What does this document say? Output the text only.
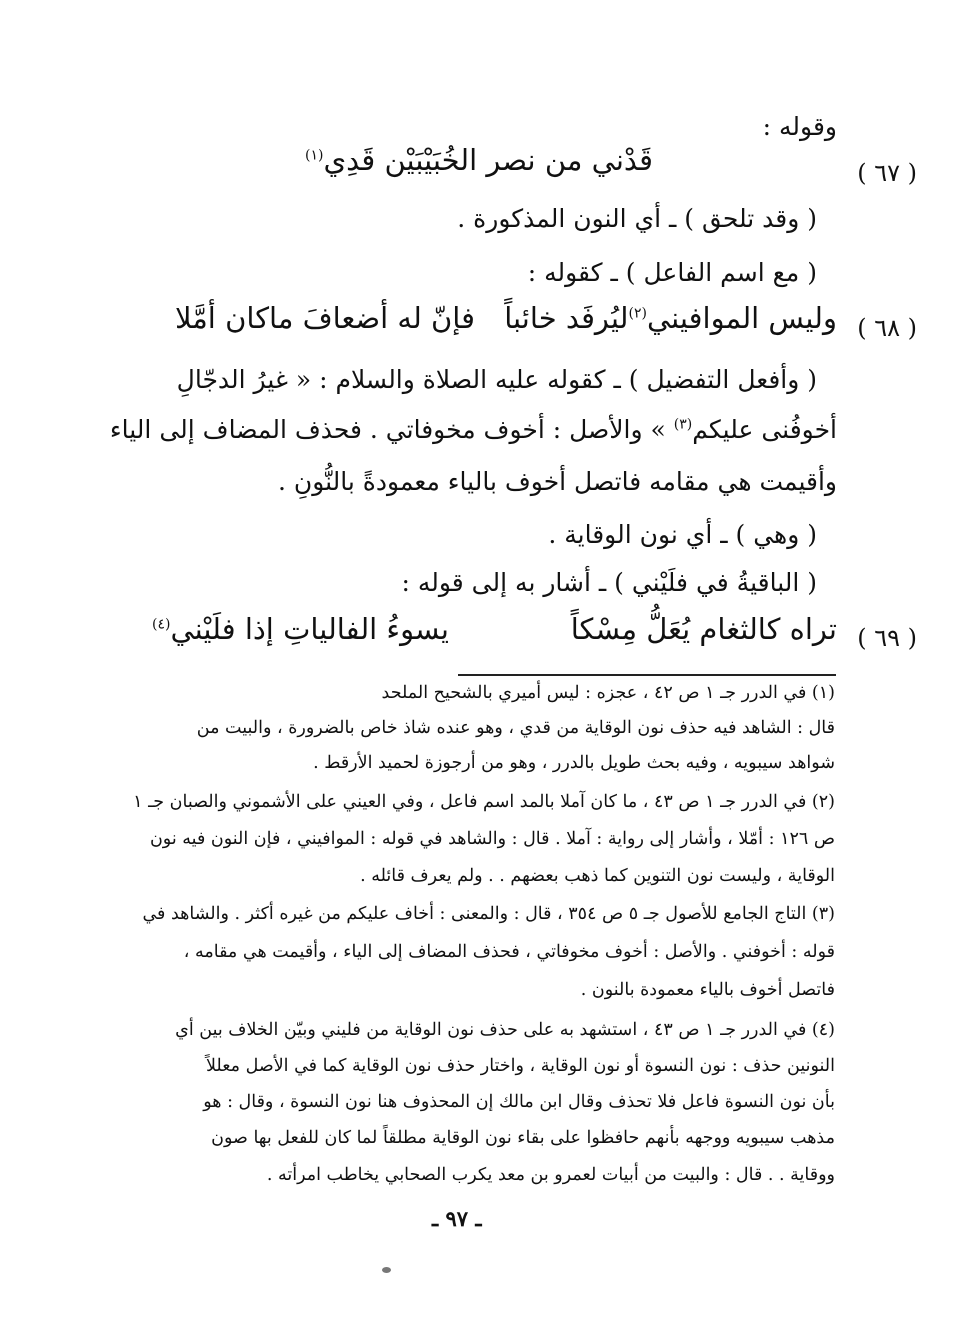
وقوله :
( ٦٧ )
قَدْني من نصر الخُبَيْبَيْن قَدِي$^{(١)}$
( وقد تلحق ) ـ أي النون المذكورة .
( مع اسم الفاعل ) ـ كقوله :
( ٦٨ )
وليس الموافيني$^{(٢)}$ليُرفَد خائباً
فإنّ له أضعافَ ماكان أمَّلا
( وأفعل التفضيل ) ـ كقوله عليه الصلاة والسلام : « غيرُ الدجّالِ
أخوفُنى عليكم$^{(٣)}$ » والأصل : أخوف مخوفاتي . فحذف المضاف إلى الياء
وأقيمت هي مقامه فاتصل أخوف بالياء معمودةً بالنُّونِ .
( وهي ) ـ أي نون الوقاية .
( الباقيةُ في فلَيْني ) ـ أشار به إلى قوله :
( ٦٩ )
تراه كالثغام يُعَلُّ مِسْكاً
يسوءُ الفالياتِ إذا فلَيْني$^{(٤)}$
(١) في الدرر جـ ١ ص ٤٢ ، عجزه : ليس أميري بالشحيح الملحد
قال : الشاهد فيه حذف نون الوقاية من قدي ، وهو عنده شاذ خاص بالضرورة ، والبيت من
شواهد سيبويه ، وفيه بحث طويل بالدرر ، وهو من أرجوزة لحميد الأرقط .
(٢) في الدرر جـ ١ ص ٤٣ ، ما كان آملا بالمد اسم فاعل ، وفي العيني على الأشموني والصبان جـ ١
ص ١٢٦ : أمّلا ، وأشار إلى رواية : آملا . قال : والشاهد في قوله : الموافيني ، فإن النون فيه نون
الوقاية ، وليست نون التنوين كما ذهب بعضهم . . ولم يعرف قائله .
(٣) التاج الجامع للأصول جـ ٥ ص ٣٥٤ ، قال : والمعنى : أخاف عليكم من غيره أكثر . والشاهد في
قوله : أخوفني . والأصل : أخوف مخوفاتي ، فحذف المضاف إلى الياء ، وأقيمت هي مقامه ،
فاتصل أخوف بالياء معمودة بالنون .
(٤) في الدرر جـ ١ ص ٤٣ ، استشهد به على حذف نون الوقاية من فليني وبيّن الخلاف بين أي
النونين حذف : نون النسوة أو نون الوقاية ، واختار حذف نون الوقاية كما في الأصل معللاً
بأن نون النسوة فاعل فلا تحذف وقال ابن مالك إن المحذوف هنا نون النسوة ، وقال : هو
مذهب سيبويه ووجهه بأنهم حافظوا على بقاء نون الوقاية مطلقاً لما كان للفعل بها صون
ووقاية . . قال : والبيت من أبيات لعمرو بن معد يكرب الصحابي يخاطب امرأته .
ـ ٩٧ ـ
